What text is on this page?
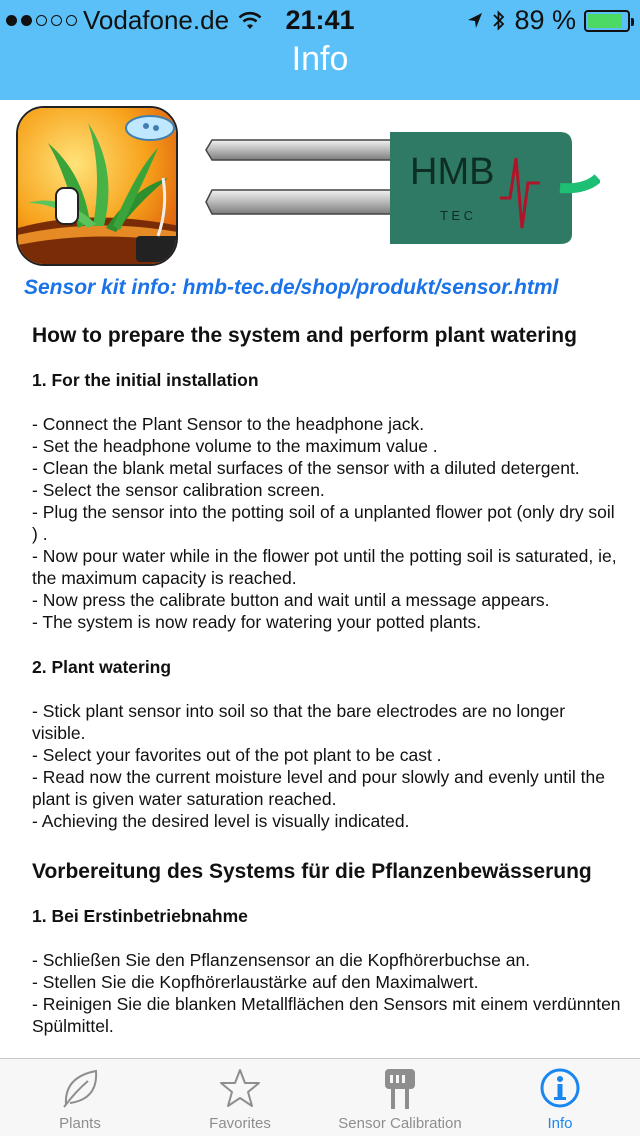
Vodafone.de	21:41	89 %
Info
HMB
T E C
Sensor kit info: hmb-tec.de/shop/produkt/sensor.html
How to prepare the system and perform plant watering
1. For the initial installation

- Connect the Plant Sensor to the headphone jack.

- Set the headphone volume to the maximum value .

- Clean the blank metal surfaces of the sensor with a diluted detergent.

- Select the sensor calibration screen.

- Plug the sensor into the potting soil of a unplanted flower pot (only dry soil ) .

- Now pour water while in the flower pot until the potting soil is saturated, ie, the maximum capacity is reached.

- Now press the calibrate button and wait until a message appears.

- The system is now ready for watering your potted plants.

2. Plant watering

- Stick plant sensor into soil so that the bare electrodes are no longer visible.

- Select your favorites out of the pot plant to be cast .

- Read now the current moisture level and pour slowly and evenly until the plant is given water saturation reached.

- Achieving the desired level is visually indicated.

Vorbereitung des Systems für die Pflanzenbewässerung
1. Bei Erstinbetriebnahme

- Schließen Sie den Pflanzensensor an die Kopfhörerbuchse an.

- Stellen Sie die Kopfhörerlaustärke auf den Maximalwert.

- Reinigen Sie die blanken Metallflächen den Sensors mit einem verdünnten Spülmittel.

Plants	Favorites	Sensor Calibration	Info
